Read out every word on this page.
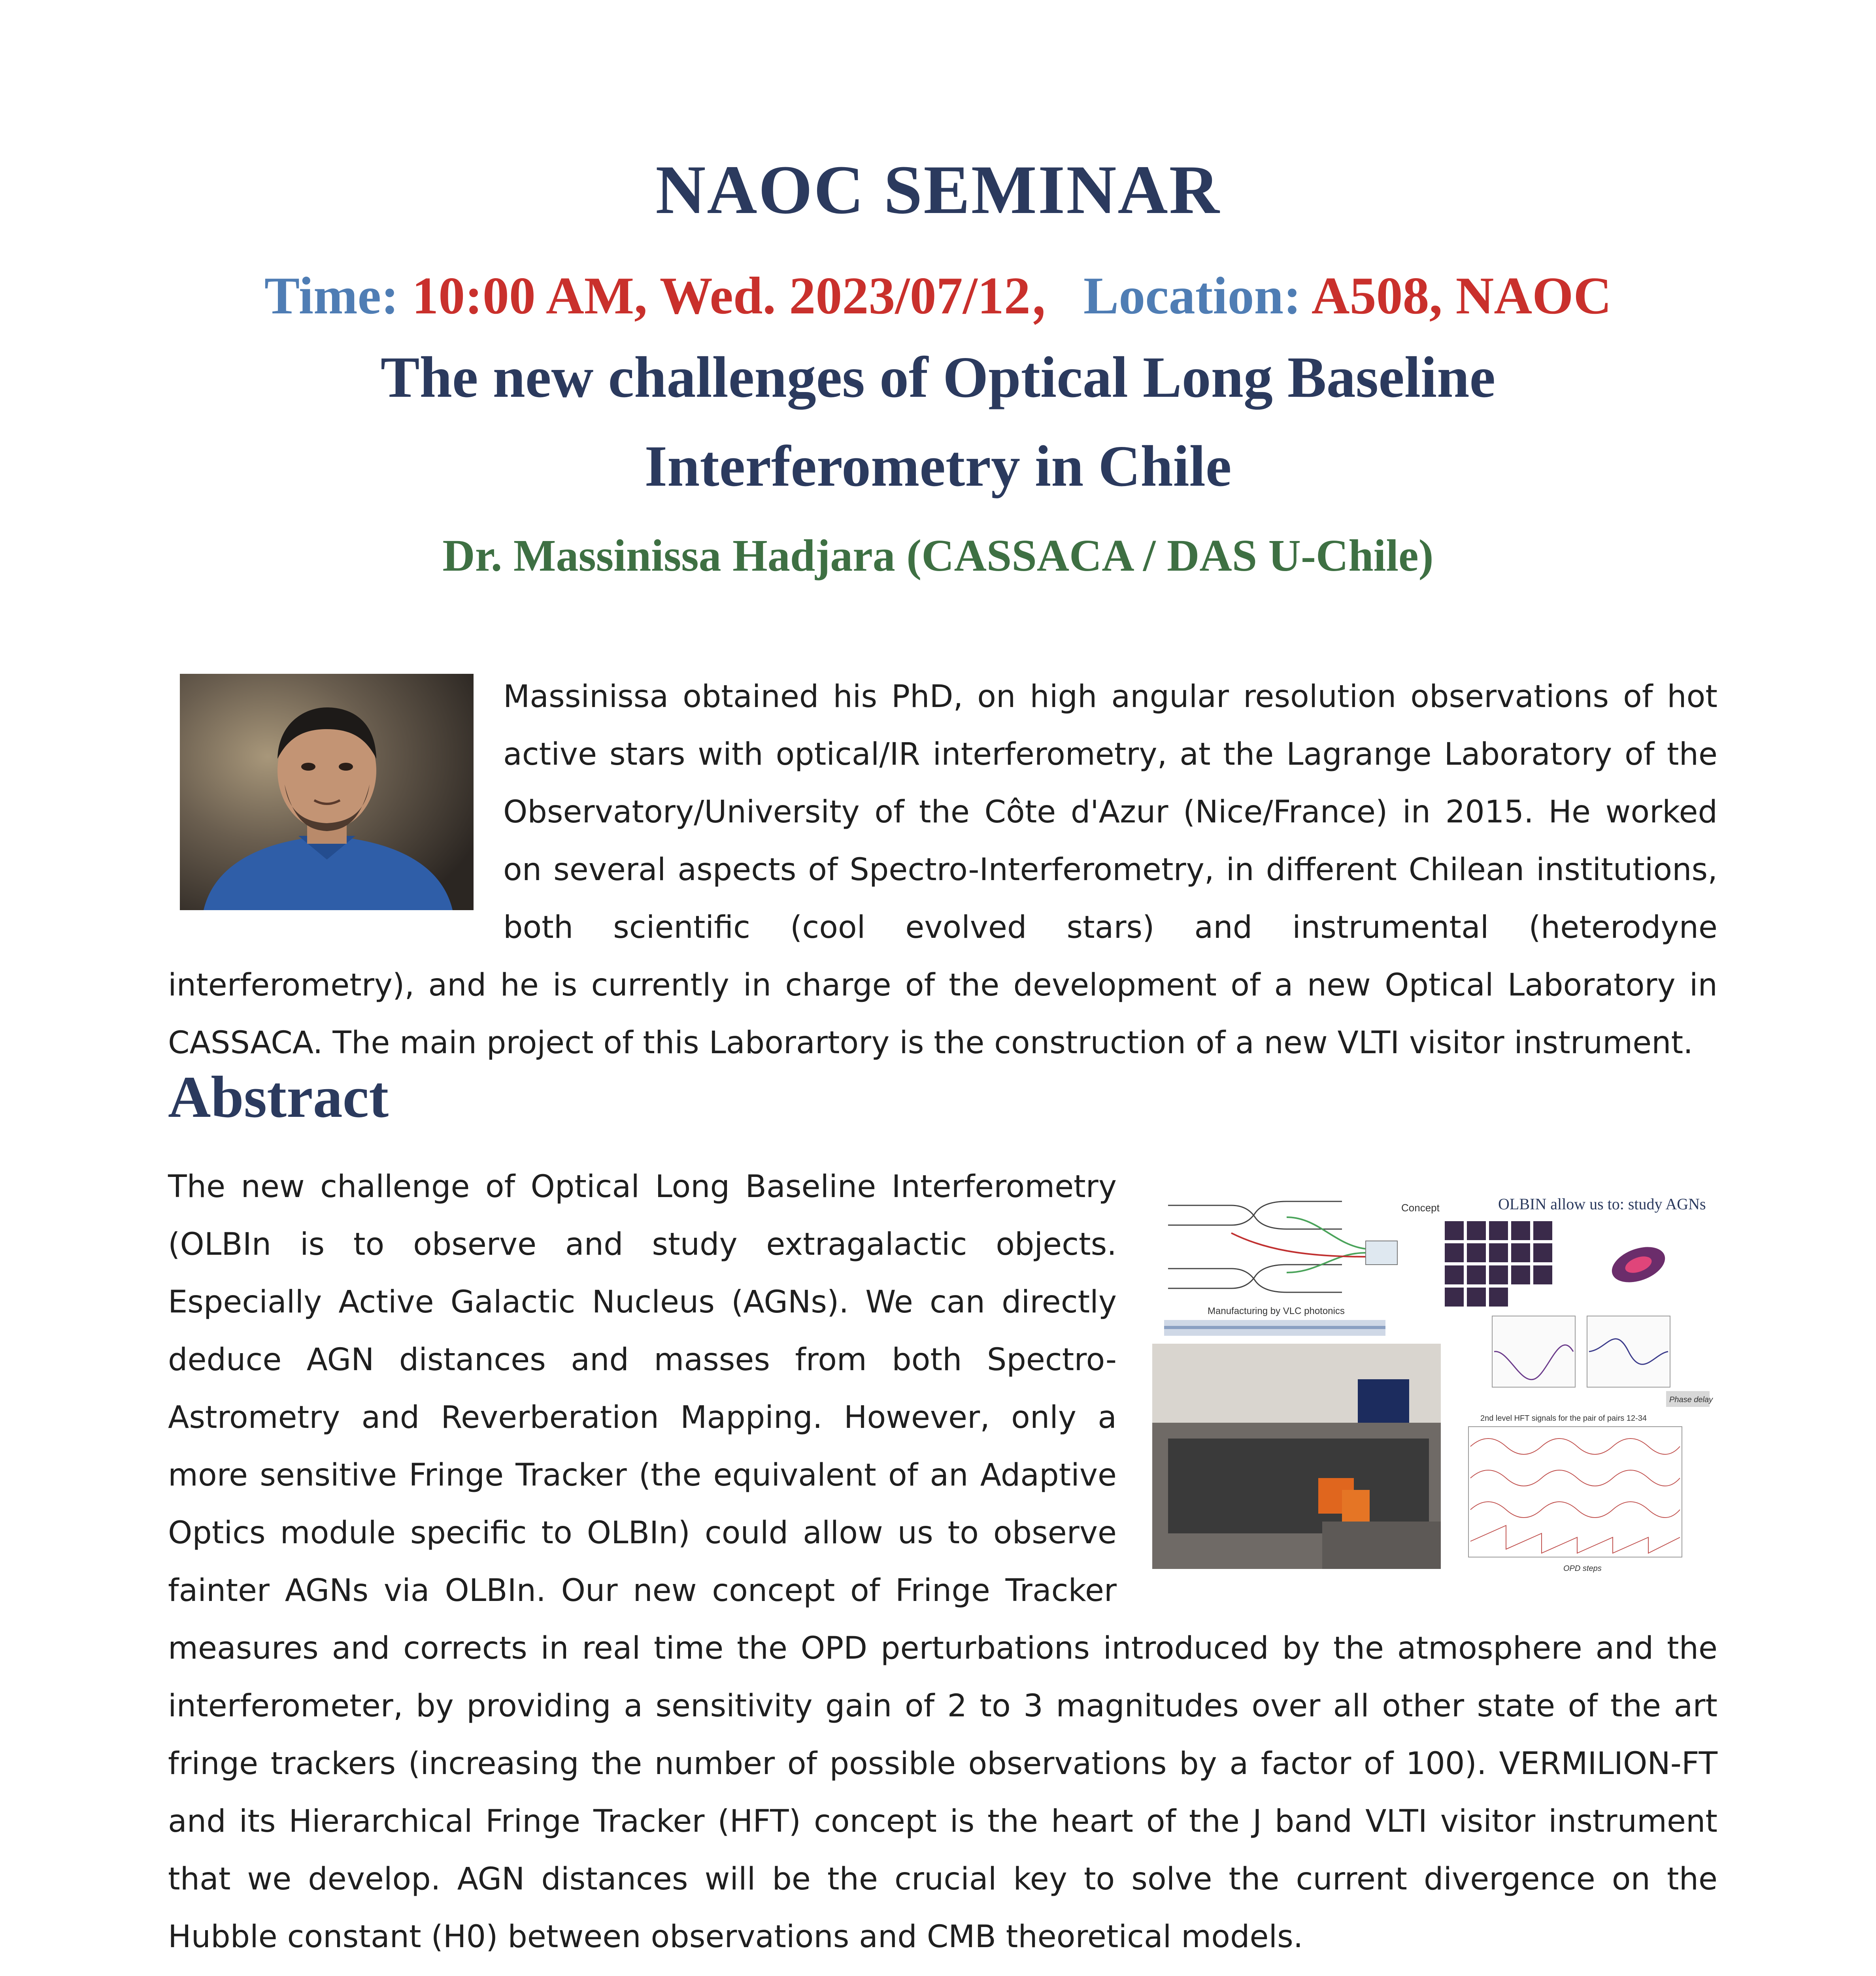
NAOC SEMINAR
Time: 10:00 AM, Wed. 2023/07/12，Location: A508, NAOC
The new challenges of Optical Long Baseline
Interferometry in Chile
Dr. Massinissa Hadjara (CASSACA / DAS U-Chile)
Massinissa obtained his PhD, on high angular resolution observations of hot active stars with optical/IR interferometry, at the Lagrange Laboratory of the Observatory/University of the Côte d'Azur (Nice/France) in 2015. He worked on several aspects of Spectro-Interferometry, in different Chilean institutions, both scientific (cool evolved stars) and instrumental (heterodyne interferometry), and he is currently in charge of the development of a new Optical Laboratory in CASSACA. The main project of this Laborartory is the construction of a new VLTI visitor instrument.
Abstract
Concept
Manufacturing by VLC photonics
OLBIN allow us to: study AGNs
Phase delay
2nd level HFT signals for the pair of pairs 12-34
OPD steps

The new challenge of Optical Long Baseline Interferometry (OLBIn is to observe and study extragalactic objects. Especially Active Galactic Nucleus (AGNs). We can directly deduce AGN distances and masses from both Spectro-Astrometry and Reverberation Mapping. However, only a more sensitive Fringe Tracker (the equivalent of an Adaptive Optics module specific to OLBIn) could allow us to observe fainter AGNs via OLBIn. Our new concept of Fringe Tracker measures and corrects in real time the OPD perturbations introduced by the atmosphere and the interferometer, by providing a sensitivity gain of 2 to 3 magnitudes over all other state of the art fringe trackers (increasing the number of possible observations by a factor of 100). VERMILION-FT and its Hierarchical Fringe Tracker (HFT) concept is the heart of the J band VLTI visitor instrument that we develop. AGN distances will be the crucial key to solve the current divergence on the Hubble constant (H0) between observations and CMB theoretical models.
